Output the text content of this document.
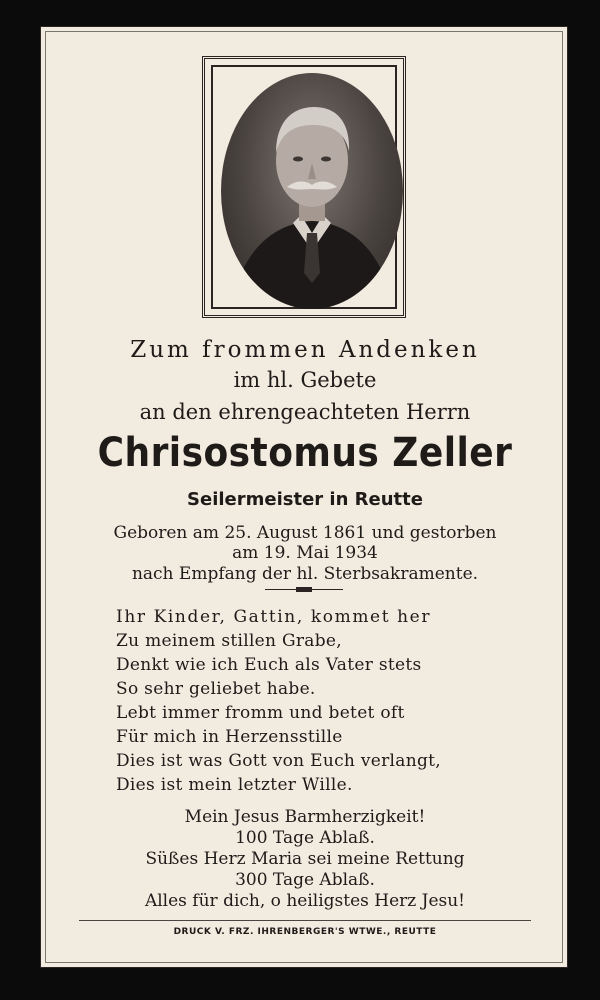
Zum frommen Andenken
im hl. Gebete
an den ehrengeachteten Herrn
Chrisostomus Zeller
Seilermeister in Reutte
Geboren am 25. August 1861 und gestorben
am 19. Mai 1934
nach Empfang der hl. Sterbsakramente.
Ihr Kinder, Gattin, kommet her
Zu meinem stillen Grabe,
Denkt wie ich Euch als Vater stets
So sehr geliebet habe.
Lebt immer fromm und betet oft
Für mich in Herzensstille
Dies ist was Gott von Euch verlangt,
Dies ist mein letzter Wille.
Mein Jesus Barmherzigkeit!
100 Tage Ablaß.
Süßes Herz Maria sei meine Rettung
300 Tage Ablaß.
Alles für dich, o heiligstes Herz Jesu!
DRUCK V. FRZ. IHRENBERGER'S WTWE., REUTTE
